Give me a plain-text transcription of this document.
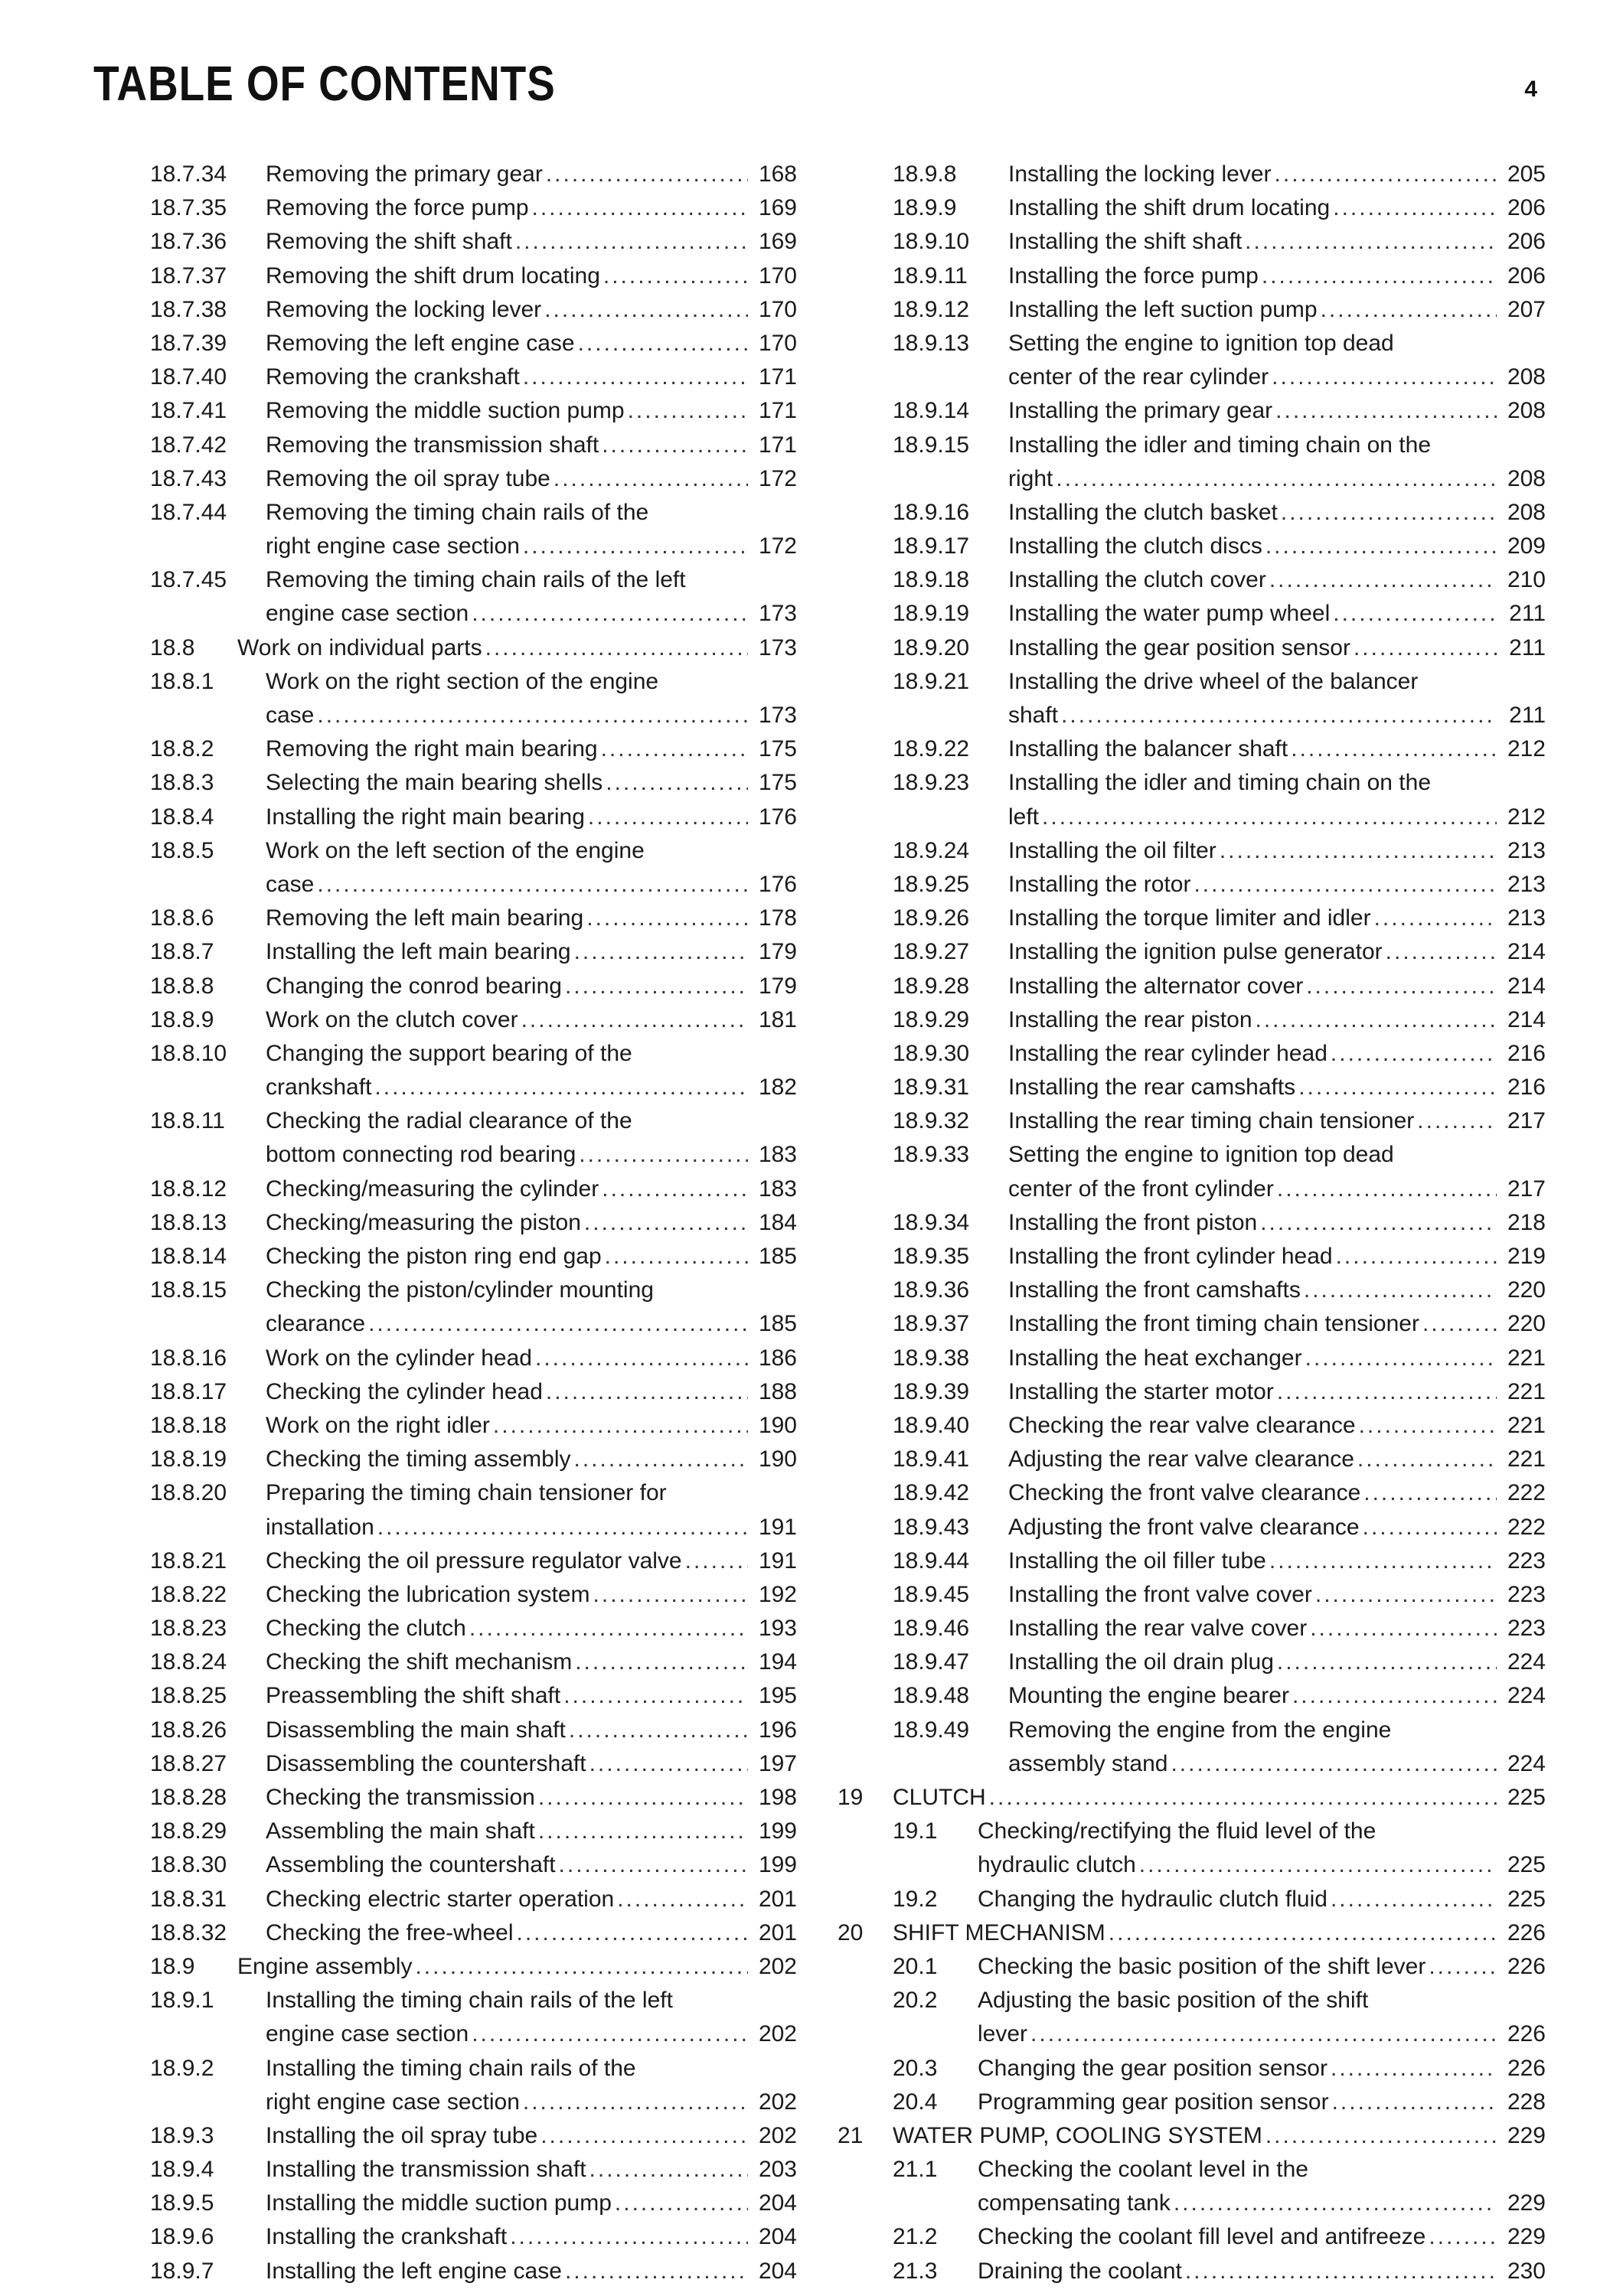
TABLE OF CONTENTS	4
18.7.34	Removing the primary gear .....	168
18.7.35	Removing the force pump .....	169
18.7.36	Removing the shift shaft .....	169
18.7.37	Removing the shift drum locating .....	170
18.7.38	Removing the locking lever .....	170
18.7.39	Removing the left engine case .....	170
18.7.40	Removing the crankshaft .....	171
18.7.41	Removing the middle suction pump .....	171
18.7.42	Removing the transmission shaft .....	171
18.7.43	Removing the oil spray tube .....	172
18.7.44	Removing the timing chain rails of the
right engine case section .....	172
18.7.45	Removing the timing chain rails of the left
engine case section .....	173
18.8	Work on individual parts .....	173
18.8.1	Work on the right section of the engine
case .....	173
18.8.2	Removing the right main bearing .....	175
18.8.3	Selecting the main bearing shells .....	175
18.8.4	Installing the right main bearing .....	176
18.8.5	Work on the left section of the engine
case .....	176
18.8.6	Removing the left main bearing .....	178
18.8.7	Installing the left main bearing .....	179
18.8.8	Changing the conrod bearing .....	179
18.8.9	Work on the clutch cover .....	181
18.8.10	Changing the support bearing of the
crankshaft .....	182
18.8.11	Checking the radial clearance of the
bottom connecting rod bearing .....	183
18.8.12	Checking/measuring the cylinder .....	183
18.8.13	Checking/measuring the piston .....	184
18.8.14	Checking the piston ring end gap .....	185
18.8.15	Checking the piston/cylinder mounting
clearance .....	185
18.8.16	Work on the cylinder head .....	186
18.8.17	Checking the cylinder head .....	188
18.8.18	Work on the right idler .....	190
18.8.19	Checking the timing assembly .....	190
18.8.20	Preparing the timing chain tensioner for
installation .....	191
18.8.21	Checking the oil pressure regulator valve .....	191
18.8.22	Checking the lubrication system .....	192
18.8.23	Checking the clutch .....	193
18.8.24	Checking the shift mechanism .....	194
18.8.25	Preassembling the shift shaft .....	195
18.8.26	Disassembling the main shaft .....	196
18.8.27	Disassembling the countershaft .....	197
18.8.28	Checking the transmission .....	198
18.8.29	Assembling the main shaft .....	199
18.8.30	Assembling the countershaft .....	199
18.8.31	Checking electric starter operation .....	201
18.8.32	Checking the free-wheel .....	201
18.9	Engine assembly .....	202
18.9.1	Installing the timing chain rails of the left
engine case section .....	202
18.9.2	Installing the timing chain rails of the
right engine case section .....	202
18.9.3	Installing the oil spray tube .....	202
18.9.4	Installing the transmission shaft .....	203
18.9.5	Installing the middle suction pump .....	204
18.9.6	Installing the crankshaft .....	204
18.9.7	Installing the left engine case .....	204
18.9.8	Installing the locking lever .....	205
18.9.9	Installing the shift drum locating .....	206
18.9.10	Installing the shift shaft .....	206
18.9.11	Installing the force pump .....	206
18.9.12	Installing the left suction pump .....	207
18.9.13	Setting the engine to ignition top dead
center of the rear cylinder .....	208
18.9.14	Installing the primary gear .....	208
18.9.15	Installing the idler and timing chain on the
right .....	208
18.9.16	Installing the clutch basket .....	208
18.9.17	Installing the clutch discs .....	209
18.9.18	Installing the clutch cover .....	210
18.9.19	Installing the water pump wheel .....	211
18.9.20	Installing the gear position sensor .....	211
18.9.21	Installing the drive wheel of the balancer
shaft .....	211
18.9.22	Installing the balancer shaft .....	212
18.9.23	Installing the idler and timing chain on the
left .....	212
18.9.24	Installing the oil filter .....	213
18.9.25	Installing the rotor .....	213
18.9.26	Installing the torque limiter and idler .....	213
18.9.27	Installing the ignition pulse generator .....	214
18.9.28	Installing the alternator cover .....	214
18.9.29	Installing the rear piston .....	214
18.9.30	Installing the rear cylinder head .....	216
18.9.31	Installing the rear camshafts .....	216
18.9.32	Installing the rear timing chain tensioner .....	217
18.9.33	Setting the engine to ignition top dead
center of the front cylinder .....	217
18.9.34	Installing the front piston .....	218
18.9.35	Installing the front cylinder head .....	219
18.9.36	Installing the front camshafts .....	220
18.9.37	Installing the front timing chain tensioner .....	220
18.9.38	Installing the heat exchanger .....	221
18.9.39	Installing the starter motor .....	221
18.9.40	Checking the rear valve clearance .....	221
18.9.41	Adjusting the rear valve clearance .....	221
18.9.42	Checking the front valve clearance .....	222
18.9.43	Adjusting the front valve clearance .....	222
18.9.44	Installing the oil filler tube .....	223
18.9.45	Installing the front valve cover .....	223
18.9.46	Installing the rear valve cover .....	223
18.9.47	Installing the oil drain plug .....	224
18.9.48	Mounting the engine bearer .....	224
18.9.49	Removing the engine from the engine
assembly stand .....	224
19	CLUTCH .....	225
19.1	Checking/rectifying the fluid level of the
hydraulic clutch .....	225
19.2	Changing the hydraulic clutch fluid .....	225
20	SHIFT MECHANISM .....	226
20.1	Checking the basic position of the shift lever .....	226
20.2	Adjusting the basic position of the shift
lever .....	226
20.3	Changing the gear position sensor .....	226
20.4	Programming gear position sensor .....	228
21	WATER PUMP, COOLING SYSTEM .....	229
21.1	Checking the coolant level in the
compensating tank .....	229
21.2	Checking the coolant fill level and antifreeze .....	229
21.3	Draining the coolant .....	230
